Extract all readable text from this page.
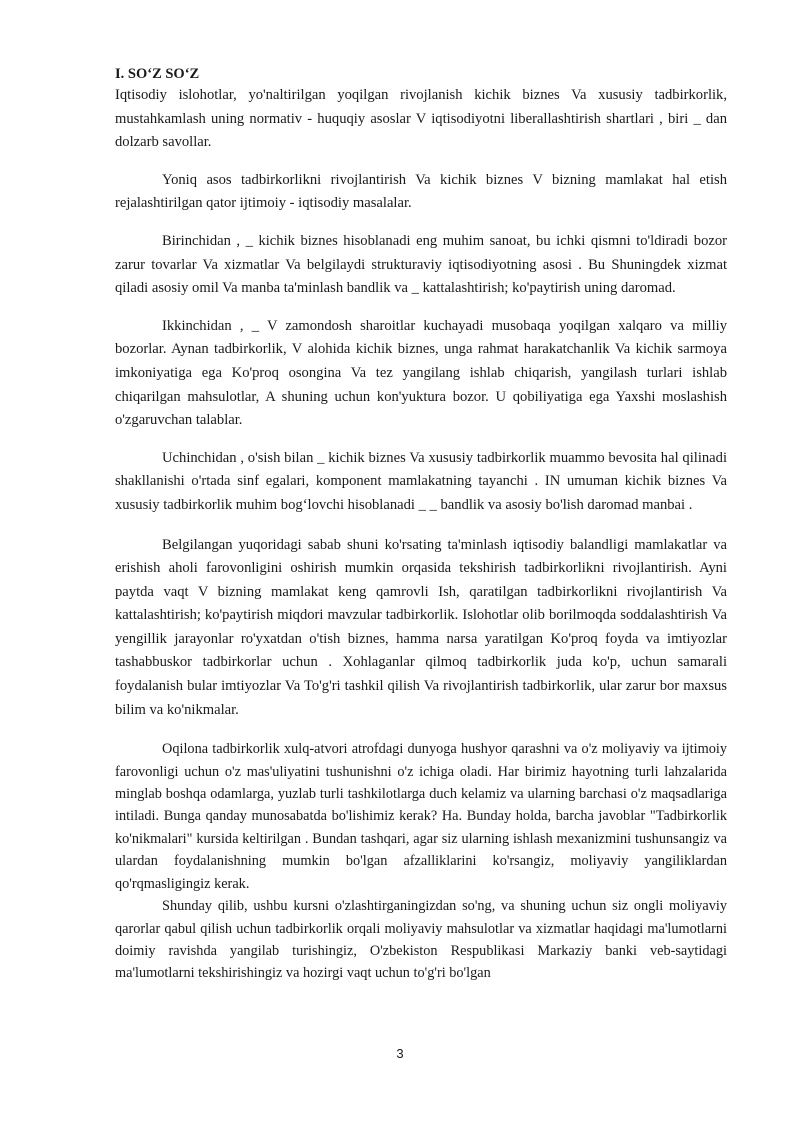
I. SO‘Z SO‘Z

Iqtisodiy islohotlar, yo'naltirilgan yoqilgan rivojlanish kichik biznes Va xususiy tadbirkorlik, mustahkamlash uning normativ - huquqiy asoslar V iqtisodiyotni liberallashtirish shartlari , biri _ dan dolzarb savollar.

Yoniq asos tadbirkorlikni rivojlantirish Va kichik biznes V bizning mamlakat hal etish rejalashtirilgan qator ijtimoiy - iqtisodiy masalalar.

Birinchidan , _ kichik biznes hisoblanadi eng muhim sanoat, bu ichki qismni to'ldiradi bozor zarur tovarlar Va xizmatlar Va belgilaydi strukturaviy iqtisodiyotning asosi . Bu Shuningdek xizmat qiladi asosiy omil Va manba ta'minlash bandlik va _ kattalashtirish; ko'paytirish uning daromad.

Ikkinchidan , _ V zamondosh sharoitlar kuchayadi musobaqa yoqilgan xalqaro va milliy bozorlar. Aynan tadbirkorlik, V alohida kichik biznes, unga rahmat harakatchanlik Va kichik sarmoya imkoniyatiga ega Ko'proq osongina Va tez yangilang ishlab chiqarish, yangilash turlari ishlab chiqarilgan mahsulotlar, A shuning uchun kon'yuktura bozor. U qobiliyatiga ega Yaxshi moslashish o'zgaruvchan talablar.

Uchinchidan , o'sish bilan _ kichik biznes Va xususiy tadbirkorlik muammo bevosita hal qilinadi shakllanishi o'rtada sinf egalari, komponent mamlakatning tayanchi . IN umuman kichik biznes Va xususiy tadbirkorlik muhim bog‘lovchi hisoblanadi _ _ bandlik va asosiy bo'lish daromad manbai .

Belgilangan yuqoridagi sabab shuni ko'rsating ta'minlash iqtisodiy balandligi mamlakatlar va erishish aholi farovonligini oshirish mumkin orqasida tekshirish tadbirkorlikni rivojlantirish. Ayni paytda vaqt V bizning mamlakat keng qamrovli Ish, qaratilgan tadbirkorlikni rivojlantirish Va kattalashtirish; ko'paytirish miqdori mavzular tadbirkorlik. Islohotlar olib borilmoqda soddalashtirish Va yengillik jarayonlar ro'yxatdan o'tish biznes, hamma narsa yaratilgan Ko'proq foyda va imtiyozlar tashabbuskor tadbirkorlar uchun . Xohlaganlar qilmoq tadbirkorlik juda ko'p, uchun samarali foydalanish bular imtiyozlar Va To'g'ri tashkil qilish Va rivojlantirish tadbirkorlik, ular zarur bor maxsus bilim va ko'nikmalar.

Oqilona tadbirkorlik xulq-atvori atrofdagi dunyoga hushyor qarashni va o'z moliyaviy va ijtimoiy farovonligi uchun o'z mas'uliyatini tushunishni o'z ichiga oladi. Har birimiz hayotning turli lahzalarida minglab boshqa odamlarga, yuzlab turli tashkilotlarga duch kelamiz va ularning barchasi o'z maqsadlariga intiladi. Bunga qanday munosabatda bo'lishimiz kerak? Ha. Bunday holda, barcha javoblar "Tadbirkorlik ko'nikmalari" kursida keltirilgan . Bundan tashqari, agar siz ularning ishlash mexanizmini tushunsangiz va ulardan foydalanishning mumkin bo'lgan afzalliklarini ko'rsangiz, moliyaviy yangiliklardan qo'rqmasligingiz kerak.

Shunday qilib, ushbu kursni o'zlashtirganingizdan so'ng, va shuning uchun siz ongli moliyaviy qarorlar qabul qilish uchun tadbirkorlik orqali moliyaviy mahsulotlar va xizmatlar haqidagi ma'lumotlarni doimiy ravishda yangilab turishingiz, O'zbekiston Respublikasi Markaziy banki veb-saytidagi ma'lumotlarni tekshirishingiz va hozirgi vaqt uchun to'g'ri bo'lgan

3
